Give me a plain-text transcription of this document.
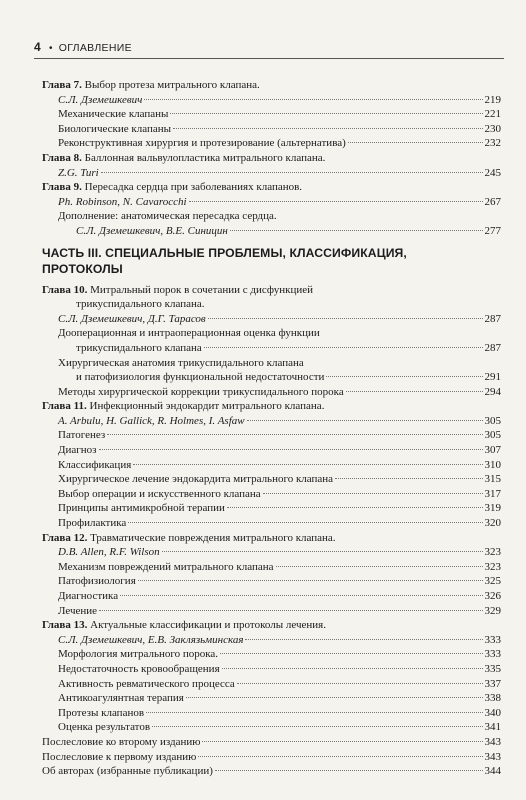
4 • ОГЛАВЛЕНИЕ
Глава 7. Выбор протеза митрального клапана.
С.Л. Дземешкевич	219
Механические клапаны	221
Биологические клапаны	230
Реконструктивная хирургия и протезирование (альтернатива)	232
Глава 8. Баллонная вальвулопластика митрального клапана.
Z.G. Turi	245
Глава 9. Пересадка сердца при заболеваниях клапанов.
Ph. Robinson, N. Cavarocchi	267
Дополнение: анатомическая пересадка сердца.
С.Л. Дземешкевич, В.Е. Синицин	277
ЧАСТЬ III. СПЕЦИАЛЬНЫЕ ПРОБЛЕМЫ, КЛАССИФИКАЦИЯ,
ПРОТОКОЛЫ
Глава 10. Митральный порок в сочетании с дисфункцией
трикуспидального клапана.
С.Л. Дземешкевич, Д.Г. Тарасов	287
Дооперационная и интраоперационная оценка функции
трикуспидального клапана	287
Хирургическая анатомия трикуспидального клапана
и патофизиология функциональной недостаточности	291
Методы хирургической коррекции трикуспидального порока	294
Глава 11. Инфекционный эндокардит митрального клапана.
A. Arbulu, H. Gallick, R. Holmes, I. Asfaw	305
Патогенез	305
Диагноз	307
Классификация	310
Хирургическое лечение эндокардита митрального клапана	315
Выбор операции и искусственного клапана	317
Принципы антимикробной терапии	319
Профилактика	320
Глава 12. Травматические повреждения митрального клапана.
D.B. Allen, R.F. Wilson	323
Механизм повреждений митрального клапана	323
Патофизиология	325
Диагностика	326
Лечение	329
Глава 13. Актуальные классификации и протоколы лечения.
С.Л. Дземешкевич, Е.В. Заклязьминская	333
Морфология митрального порока.	333
Недостаточность кровообращения	335
Активность ревматического процесса	337
Антикоагулянтная терапия	338
Протезы клапанов	340
Оценка результатов	341
Послесловие ко второму изданию	343
Послесловие к первому изданию	343
Об авторах (избранные публикации)	344
